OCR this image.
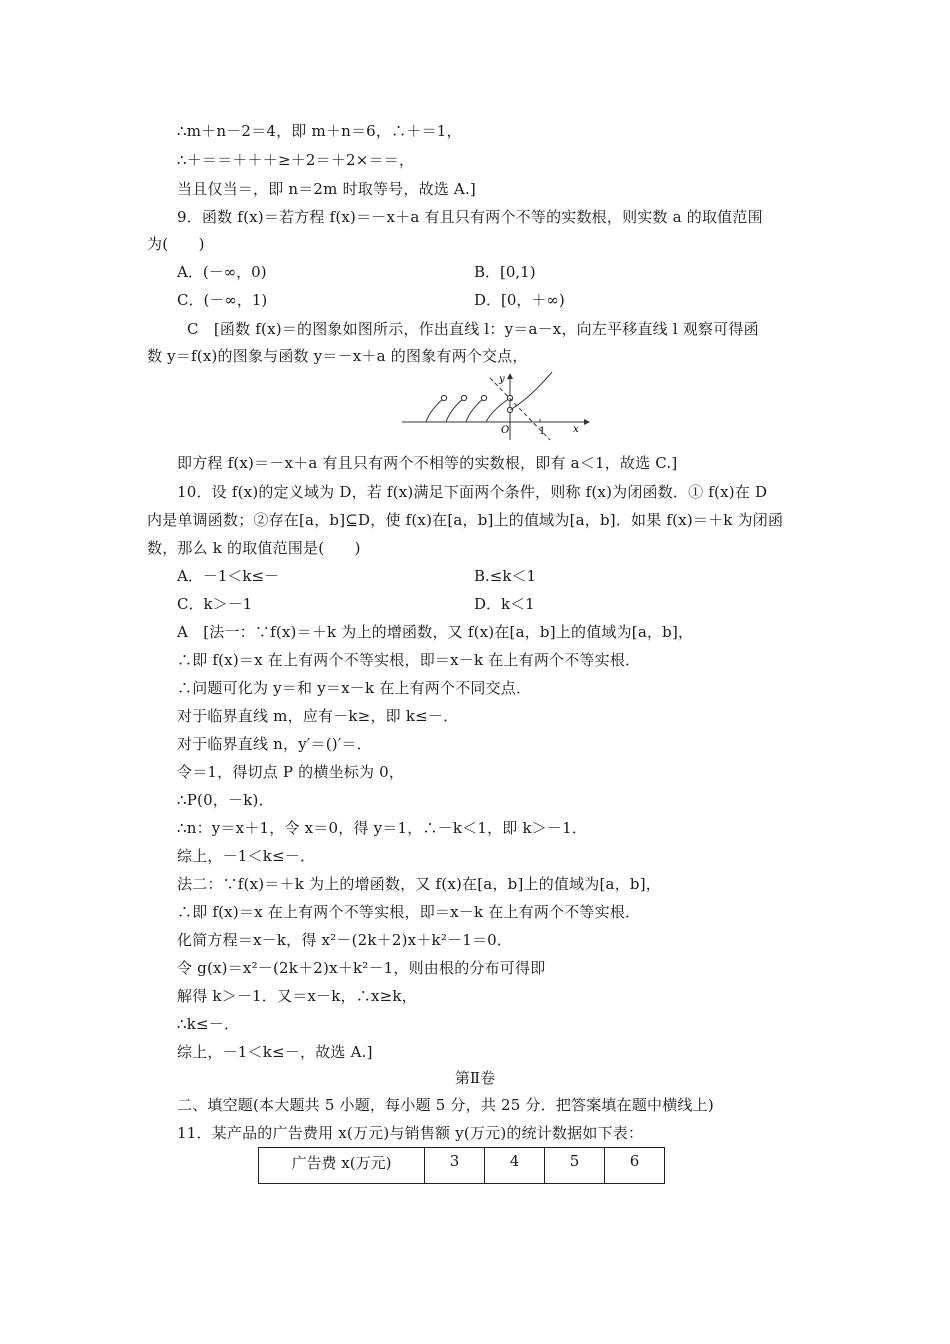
∴m＋n－2＝4，即 m＋n＝6，∴＋＝1，
∴＋＝＝＋＋＋≥＋2＝＋2×＝＝，
当且仅当＝，即 n＝2m 时取等号，故选 A.]
9．函数 f(x)＝若方程 f(x)＝－x＋a 有且只有两个不等的实数根，则实数 a 的取值范围
为(　　)
A．(－∞，0)	B．[0,1)
C．(－∞，1)	D．[0，＋∞)
C　[函数 f(x)＝的图象如图所示，作出直线 l：y＝a－x，向左平移直线 l 观察可得函
数 y＝f(x)的图象与函数 y＝－x＋a 的图象有两个交点，
y
O	1	x
即方程 f(x)＝－x＋a 有且只有两个不相等的实数根，即有 a＜1，故选 C.]
10．设 f(x)的定义域为 D，若 f(x)满足下面两个条件，则称 f(x)为闭函数．① f(x)在 D
内是单调函数；②存在[a，b]⊆D，使 f(x)在[a，b]上的值域为[a，b]．如果 f(x)＝＋k 为闭函
数，那么 k 的取值范围是(　　)
A．－1＜k≤－	B.≤k＜1
C．k＞－1	D．k＜1
A　[法一：∵f(x)＝＋k 为上的增函数，又 f(x)在[a，b]上的值域为[a，b]，
∴即 f(x)＝x 在上有两个不等实根，即＝x－k 在上有两个不等实根．
∴问题可化为 y＝和 y＝x－k 在上有两个不同交点．
对于临界直线 m，应有－k≥，即 k≤－．
对于临界直线 n，y′＝()′＝．
令＝1，得切点 P 的横坐标为 0，
∴P(0，－k)．
∴n：y＝x＋1，令 x＝0，得 y＝1，∴－k＜1，即 k＞－1．
综上，－1＜k≤－．
法二：∵f(x)＝＋k 为上的增函数，又 f(x)在[a，b]上的值域为[a，b]，
∴即 f(x)＝x 在上有两个不等实根，即＝x－k 在上有两个不等实根．
化简方程＝x－k，得 x²－(2k＋2)x＋k²－1＝0．
令 g(x)＝x²－(2k＋2)x＋k²－1，则由根的分布可得即
解得 k＞－1．又＝x－k，∴x≥k，
∴k≤－．
综上，－1＜k≤－，故选 A.]
第Ⅱ卷
二、填空题(本大题共 5 小题，每小题 5 分，共 25 分．把答案填在题中横线上)
11．某产品的广告费用 x(万元)与销售额 y(万元)的统计数据如下表：
广告费 x(万元)	3	4	5	6
